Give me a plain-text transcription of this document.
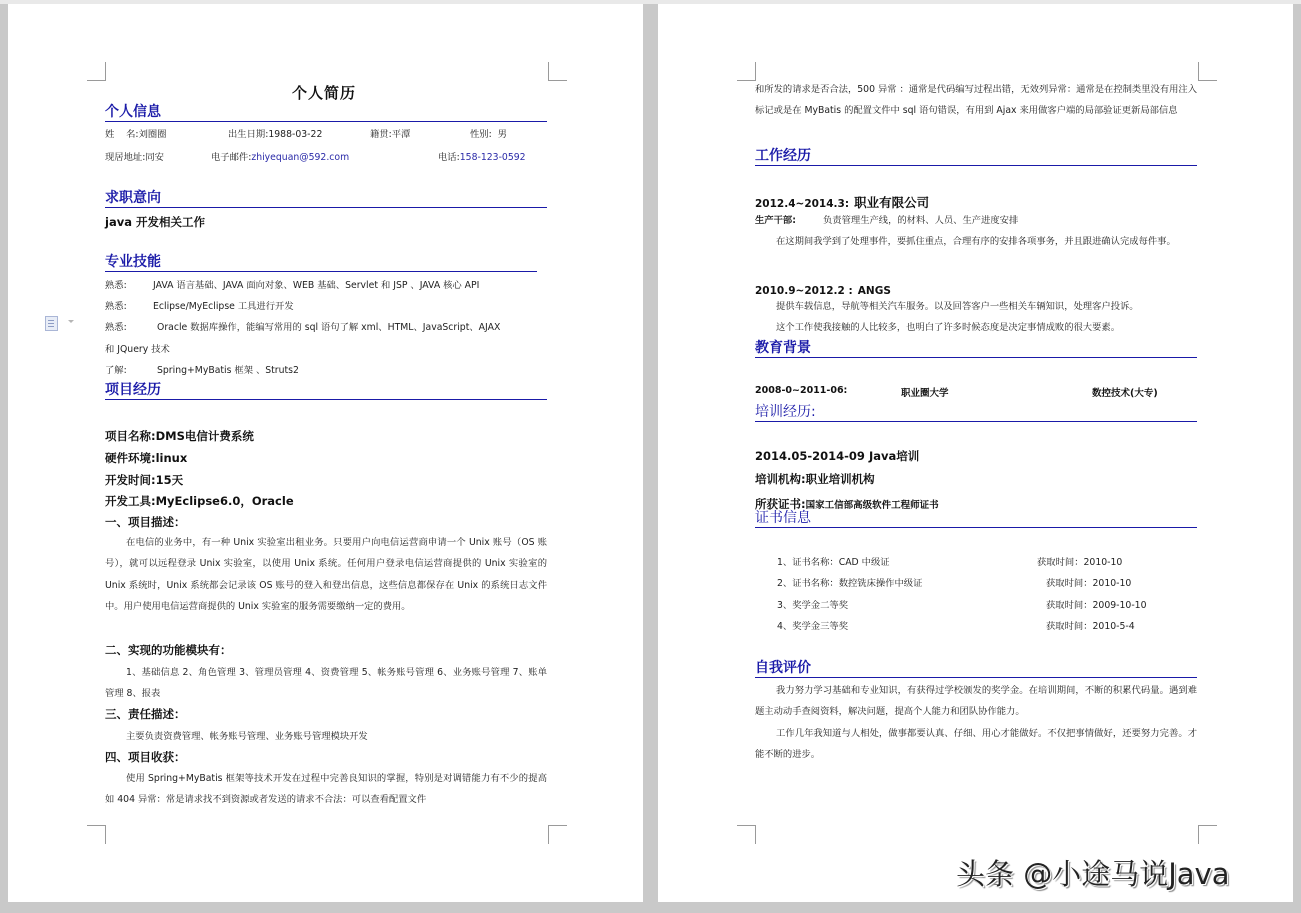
个人简历
个人信息
姓    名:刘圈圈	出生日期:1988-03-22	籍贯:平潭	性别: 男
现居地址:同安	电子邮件:zhiyequan@592.com	电话:158-123-0592
求职意向
java 开发相关工作
专业技能
熟悉:	JAVA 语言基础、JAVA 面向对象、WEB 基础、Servlet 和 JSP 、JAVA 核心 API
熟悉:	Eclipse/MyEclipse 工具进行开发
熟悉:	Oracle 数据库操作，能编写常用的 sql 语句了解 xml、HTML、JavaScript、AJAX
和 JQuery 技术
了解:	Spring+MyBatis 框架 、Struts2
项目经历
项目名称:DMS电信计费系统
硬件环境:linux
开发时间:15天
开发工具:MyEclipse6.0，Oracle
一、项目描述：
在电信的业务中，有一种 Unix 实验室出租业务。只要用户向电信运营商申请一个 Unix 账号（OS 账号），就可以远程登录 Unix 实验室，以使用 Unix 系统。任何用户登录电信运营商提供的 Unix 实验室的 Unix 系统时，Unix 系统都会记录该 OS 账号的登入和登出信息，这些信息都保存在 Unix 的系统日志文件中。用户使用电信运营商提供的 Unix 实验室的服务需要缴纳一定的费用。
二、实现的功能模块有：
1、基础信息 2、角色管理 3、管理员管理 4、资费管理 5、帐务账号管理 6、业务账号管理 7、账单管理 8、报表
三、责任描述：
主要负责资费管理、帐务账号管理、业务账号管理模块开发
四、项目收获：
使用 Spring+MyBatis 框架等技术开发在过程中完善良知识的掌握，特别是对调错能力有不少的提高如 404 异常：常是请求找不到资源或者发送的请求不合法：可以查看配置文件
和所发的请求是否合法，500 异常 ：通常是代码编写过程出错，无效列异常：通常是在控制类里没有用注入标记或是在 MyBatis 的配置文件中 sql 语句错误，有用到 Ajax 来用做客户端的局部验证更新局部信息
工作经历
2012.4~2014.3: 职业有限公司
生产干部:	负责管理生产线，的材料、人员、生产进度安排
在这期间我学到了处理事件，要抓住重点，合理有序的安排各项事务，并且跟进确认完成每件事。
2010.9~2012.2 : ANGS
提供车载信息，导航等相关汽车服务。以及回答客户一些相关车辆知识，处理客户投诉。
这个工作使我接触的人比较多，也明白了许多时候态度是决定事情成败的很大要素。
教育背景
2008-0~2011-06:	职业圈大学	数控技术(大专)
培训经历:
2014.05-2014-09 Java培训
培训机构:职业培训机构
所获证书:国家工信部高级软件工程师证书
证书信息
1、证书名称：CAD 中级证	获取时间：2010-10
2、证书名称：数控铣床操作中级证	获取时间：2010-10
3、奖学金二等奖	获取时间：2009-10-10
4、奖学金三等奖	获取时间：2010-5-4
自我评价
我力努力学习基础和专业知识，有获得过学校颁发的奖学金。在培训期间，不断的积累代码量。遇到难题主动动手查阅资料，解决问题，提高个人能力和团队协作能力。
工作几年我知道与人相处，做事都要认真、仔细、用心才能做好。不仅把事情做好，还要努力完善。才能不断的进步。
头条 @小途马说Java
